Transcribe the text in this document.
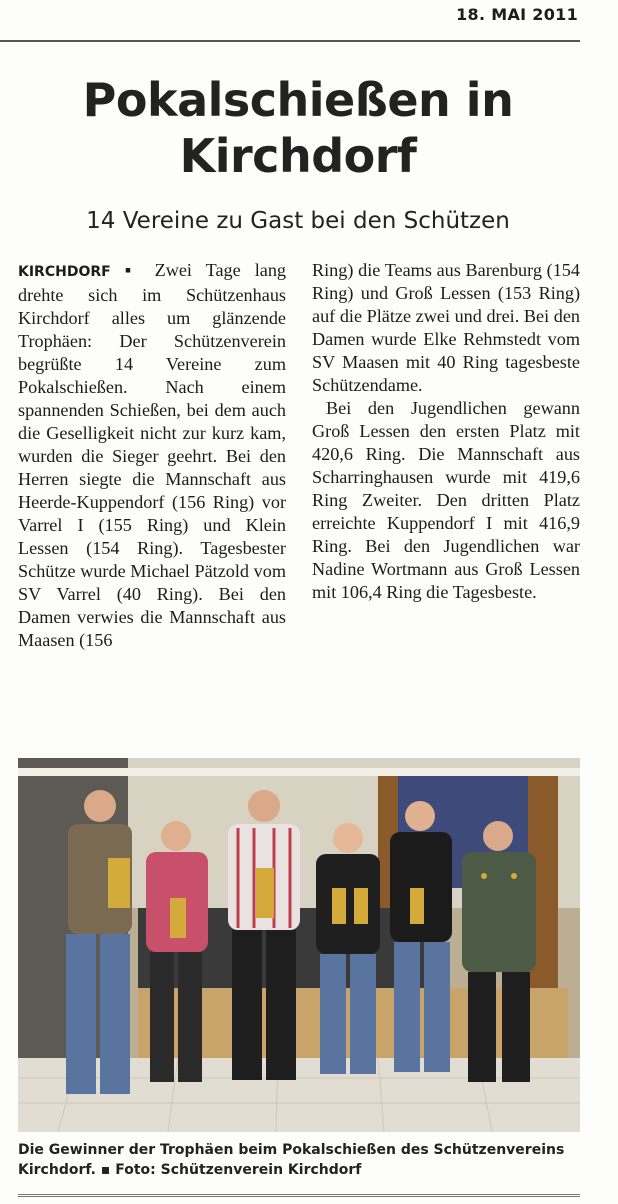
18. MAI 2011
Pokalschießen in
Kirchdorf
14 Vereine zu Gast bei den Schützen

KIRCHDORF ▪ Zwei Tage lang drehte sich im Schützenhaus Kirchdorf alles um glänzende Trophäen: Der Schützenverein begrüßte 14 Vereine zum Pokalschießen. Nach einem spannenden Schießen, bei dem auch die Geselligkeit nicht zur kurz kam, wurden die Sieger geehrt. Bei den Herren siegte die Mannschaft aus Heerde-Kuppendorf (156 Ring) vor Varrel I (155 Ring) und Klein Lessen (154 Ring). Tagesbester Schütze wurde Michael Pätzold vom SV Varrel (40 Ring). Bei den Damen verwies die Mannschaft aus Maasen (156

Ring) die Teams aus Barenburg (154 Ring) und Groß Lessen (153 Ring) auf die Plätze zwei und drei. Bei den Damen wurde Elke Rehmstedt vom SV Maasen mit 40 Ring tagesbeste Schützendame.

Bei den Jugendlichen gewann Groß Lessen den ersten Platz mit 420,6 Ring. Die Mannschaft aus Scharringhausen wurde mit 419,6 Ring Zweiter. Den dritten Platz erreichte Kuppendorf I mit 416,9 Ring. Bei den Jugendlichen war Nadine Wortmann aus Groß Lessen mit 106,4 Ring die Tagesbeste.

Die Gewinner der Trophäen beim Pokalschießen des Schützenvereins Kirchdorf. ▪ Foto: Schützenverein Kirchdorf
